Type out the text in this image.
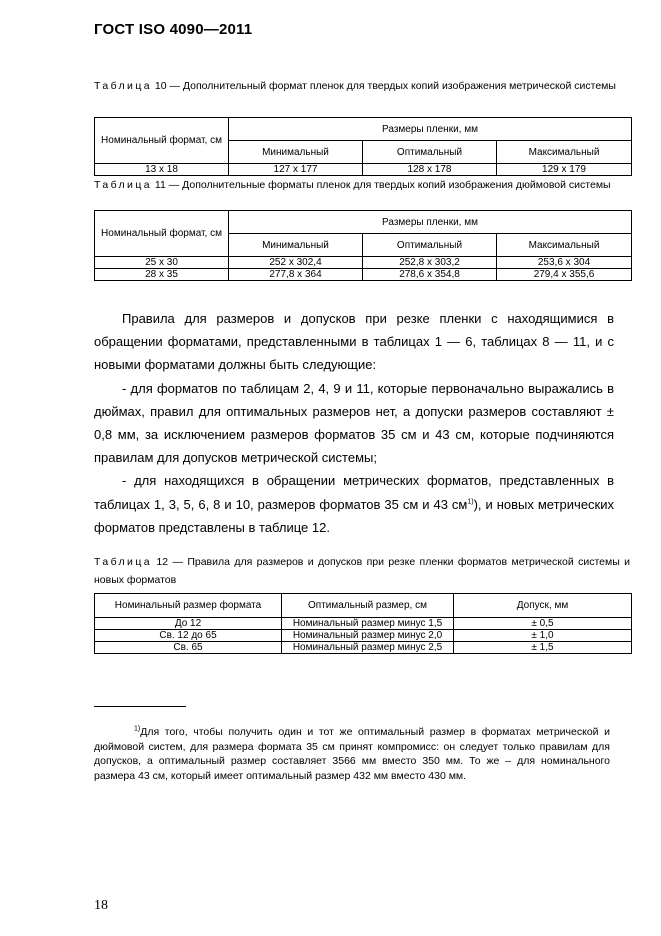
ГОСТ ISO 4090—2011
Таблица 10 — Дополнительный формат пленок для твердых копий изображения метрической системы
Номинальный формат, см	Размеры пленки, мм		
	Минимальный	Оптимальный	Максимальный
13 x 18	127 x 177	128 x 178	129 x 179
Таблица 11 — Дополнительные форматы пленок для твердых копий изображения дюймовой системы
Номинальный формат, см	Размеры пленки, мм		
	Минимальный	Оптимальный	Максимальный
25 x 30	252 x 302,4	252,8 x 303,2	253,6 x 304
28 x 35	277,8 x 364	278,6 x 354,8	279,4 x 355,6

Правила для размеров и допусков при резке пленки с находящимися в обращении форматами, представленными в таблицах 1 — 6, таблицах 8 — 11, и с новыми форматами должны быть следующие:

- для форматов по таблицам 2, 4, 9 и 11, которые первоначально выражались в дюймах, правил для оптимальных размеров нет, а допуски размеров составляют ± 0,8 мм, за исключением размеров форматов 35 см и 43 см, которые подчиняются правилам для допусков метрической системы;

- для находящихся в обращении метрических форматов, представленных в таблицах 1, 3, 5, 6, 8 и 10, размеров форматов 35 см и 43 $см^{1)}$), и новых метрических форматов представлены в таблице 12.

Таблица 12 — Правила для размеров и допусков при резке пленки форматов метрической системы и новых форматов
Номинальный размер формата	Оптимальный размер, см	Допуск, мм
До 12	Номинальный размер минус 1,5	± 0,5
Св. 12 до 65	Номинальный размер минус 2,0	± 1,0
Св. 65	Номинальный размер минус 2,5	± 1,5
$^{1)}$Для того, чтобы получить один и тот же оптимальный размер в форматах метрической и дюймовой систем, для размера формата 35 см принят компромисс: он следует только правилам для допусков, а оптимальный размер составляет 3566 мм вместо 350 мм. То же – для номинального размера 43 см, который имеет оптимальный размер 432 мм вместо 430 мм.
18
